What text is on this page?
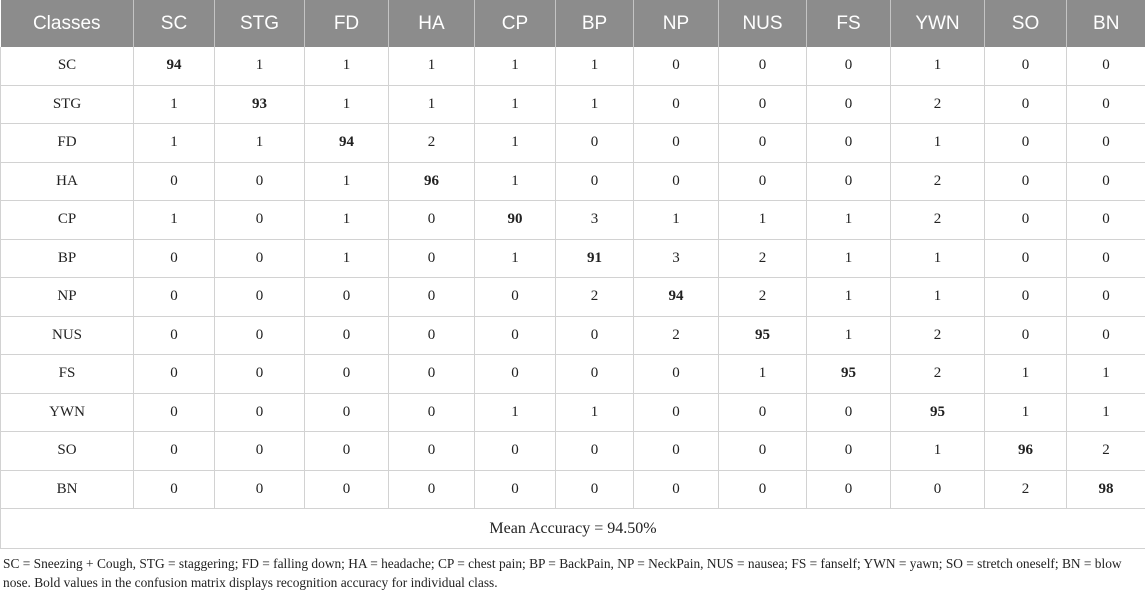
Classes	SC	STG	FD	HA	CP	BP	NP	NUS	FS	YWN	SO	BN
SC	94	1	1	1	1	1	0	0	0	1	0	0
STG	1	93	1	1	1	1	0	0	0	2	0	0
FD	1	1	94	2	1	0	0	0	0	1	0	0
HA	0	0	1	96	1	0	0	0	0	2	0	0
CP	1	0	1	0	90	3	1	1	1	2	0	0
BP	0	0	1	0	1	91	3	2	1	1	0	0
NP	0	0	0	0	0	2	94	2	1	1	0	0
NUS	0	0	0	0	0	0	2	95	1	2	0	0
FS	0	0	0	0	0	0	0	1	95	2	1	1
YWN	0	0	0	0	1	1	0	0	0	95	1	1
SO	0	0	0	0	0	0	0	0	0	1	96	2
BN	0	0	0	0	0	0	0	0	0	0	2	98
Mean Accuracy = 94.50%												
SC = Sneezing + Cough, STG = staggering; FD = falling down; HA = headache; CP = chest pain; BP = BackPain, NP = NeckPain, NUS = nausea; FS = fanself; YWN = yawn; SO = stretch oneself; BN = blow nose. Bold values in the confusion matrix displays recognition accuracy for individual class.
